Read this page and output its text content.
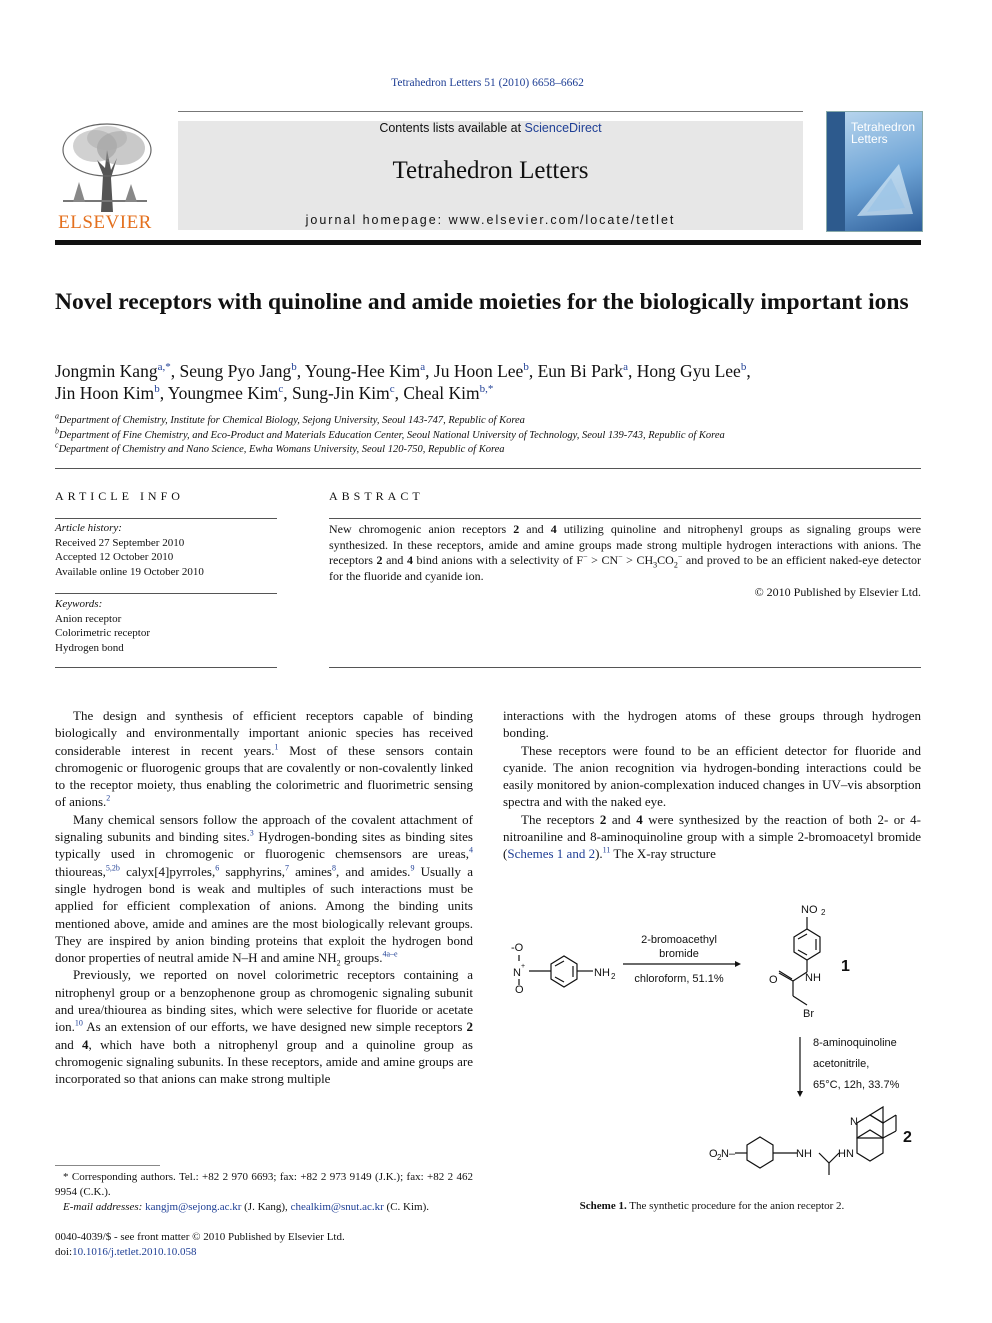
Tetrahedron Letters 51 (2010) 6658–6662
ELSEVIER
Contents lists available at ScienceDirect
Tetrahedron Letters
journal homepage: www.elsevier.com/locate/tetlet
Tetrahedron
Letters
Novel receptors with quinoline and amide moieties for the biologically important ions
Jongmin Kang$^{a,*}$, Seung Pyo Jang$^b$, Young-Hee Kim$^a$, Ju Hoon Lee$^b$, Eun Bi Park$^a$, Hong Gyu Lee$^b$,
Jin Hoon Kim$^b$, Youngmee Kim$^c$, Sung-Jin Kim$^c$, Cheal Kim$^{b,*}$
$^a$Department of Chemistry, Institute for Chemical Biology, Sejong University, Seoul 143-747, Republic of Korea
$^b$Department of Fine Chemistry, and Eco-Product and Materials Education Center, Seoul National University of Technology, Seoul 139-743, Republic of Korea
$^c$Department of Chemistry and Nano Science, Ewha Womans University, Seoul 120-750, Republic of Korea
ARTICLE INFO
Article history:
Received 27 September 2010
Accepted 12 October 2010
Available online 19 October 2010
Keywords:
Anion receptor
Colorimetric receptor
Hydrogen bond
ABSTRACT
New chromogenic anion receptors 2 and 4 utilizing quinoline and nitrophenyl groups as signaling groups were synthesized. In these receptors, amide and amine groups made strong multiple hydrogen interactions with anions. The receptors 2 and 4 bind anions with a selectivity of $F^- > CN^- > CH_3CO_2^-$ and proved to be an efficient naked-eye detector for the fluoride and cyanide ion.
© 2010 Published by Elsevier Ltd.

The design and synthesis of efficient receptors capable of binding biologically and environmentally important anionic species has received considerable interest in recent years.$^1$ Most of these sensors contain chromogenic or fluorogenic groups that are covalently or non-covalently linked to the receptor moiety, thus enabling the colorimetric and fluorimetric sensing of anions.$^2$

Many chemical sensors follow the approach of the covalent attachment of signaling subunits and binding sites.$^3$ Hydrogen-bonding sites as binding sites typically used in chromogenic or fluorogenic chemsensors are ureas,$^4$ thioureas,$^{5,2b}$ calyx[4]pyrroles,$^6$ sapphyrins,$^7$ amines$^8$, and amides.$^9$ Usually a single hydrogen bond is weak and multiples of such interactions must be applied for efficient complexation of anions. Among the binding units mentioned above, amide and amines are the most biologically relevant groups. They are inspired by anion binding proteins that exploit the hydrogen bond donor properties of neutral amide N–H and amine $NH_2$ groups.$^{4a-e}$

Previously, we reported on novel colorimetric receptors containing a nitrophenyl group or a benzophenone group as chromogenic signaling subunit and urea/thiourea as binding sites, which were selective for fluoride or acetate ion.$^{10}$ As an extension of our efforts, we have designed new simple receptors 2 and 4, which have both a nitrophenyl group and a quinoline group as chromogenic signaling subunits. In these receptors, amide and amine groups are incorporated so that anions can make strong multiple

interactions with the hydrogen atoms of these groups through hydrogen bonding.

These receptors were found to be an efficient detector for fluoride and cyanide. The anion recognition via hydrogen-bonding interactions could be easily monitored by anion-complexation induced changes in UV–vis absorption spectra and with the naked eye.

The receptors 2 and 4 were synthesized by the reaction of both 2- or 4-nitroaniline and 8-aminoquinoline group with a simple 2-bromoacetyl bromide (Schemes 1 and 2).$^{11}$ The X-ray structure

-O
N
+
O
NH 2
2-bromoacethyl
bromide
chloroform, 51.1%
NO 2
NH
O
Br
1
8-aminoquinoline
acetonitrile,
65°C, 12h, 33.7%
O N–
2	NH HN
N
2
Scheme 1. The synthetic procedure for the anion receptor 2.
* Corresponding authors. Tel.: +82 2 970 6693; fax: +82 2 973 9149 (J.K.); fax: +82 2 462 9954 (C.K.).
E-mail addresses: kangjm@sejong.ac.kr (J. Kang), chealkim@snut.ac.kr (C. Kim).
0040-4039/$ - see front matter © 2010 Published by Elsevier Ltd.
doi:10.1016/j.tetlet.2010.10.058
